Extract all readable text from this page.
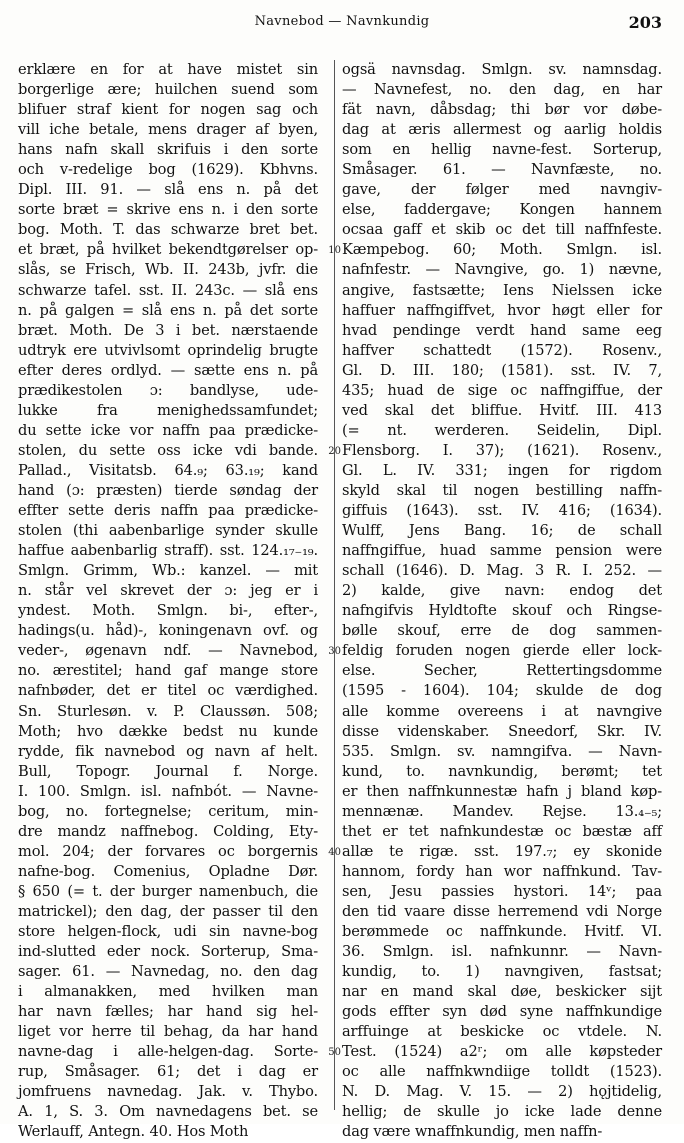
Navnebod — Navnkundig	203
erklære en for at have mistet sin
borgerlige ære; huilchen suend som
blifuer straf kient for nogen sag och
vill iche betale, mens drager af byen,
hans nafn skall skrifuis i den sorte
och v-redelige bog (1629). Kbhvns.
Dipl. III. 91. — slå ens n. på det
sorte bræt = skrive ens n. i den sorte
bog. Moth. T. das schwarze bret bet.
et bræt, på hvilket bekendtgørelser op-
slås, se Frisch, Wb. II. 243b, jvfr. die
schwarze tafel. sst. II. 243c. — slå ens
n. på galgen = slå ens n. på det sorte
bræt. Moth. De 3 i bet. nærstaende
udtryk ere utvivlsomt oprindelig brugte
efter deres ordlyd. — sætte ens n. på
prædikestolen ɔ: bandlyse, ude-
lukke fra menighedssamfundet;
du sette icke vor naffn paa prædicke-
stolen, du sette oss icke vdi bande.
Pallad., Visitatsb. 64.₉; 63.₁₉; kand
hand (ɔ: præsten) tierde søndag der
effter sette deris naffn paa prædicke-
stolen (thi aabenbarlige synder skulle
haffue aabenbarlig straff). sst. 124.₁₇₋₁₉.
Smlgn. Grimm, Wb.: kanzel. — mit
n. står vel skrevet der ɔ: jeg er i
yndest. Moth. Smlgn. bi-, efter-,
hadings(u. håd)-, koningenavn ovf. og
veder-, øgenavn ndf. — Navnebod,
no. ærestitel; hand gaf mange store
nafnbøder, det er titel oc værdighed.
Sn. Sturlesøn. v. P. Claussøn. 508;
Moth; hvo dække bedst nu kunde
rydde, fik navnebod og navn af helt.
Bull, Topogr. Journal f. Norge.
I. 100. Smlgn. isl. nafnbót. — Navne-
bog, no. fortegnelse; ceritum, min-
dre mandz naffnebog. Colding, Ety-
mol. 204; der forvares oc borgernis
nafne-bog. Comenius, Opladne Dør.
§ 650 (= t. der burger namenbuch, die
matrickel); den dag, der passer til den
store helgen-flock, udi sin navne-bog
ind-slutted eder nock. Sorterup, Sma-
sager. 61. — Navnedag, no. den dag
i almanakken, med hvilken man
har navn fælles; har hand sig hel-
liget vor herre til behag, da har hand
navne-dag i alle-helgen-dag. Sorte-
rup, Småsager. 61; det i dag er
jomfruens navnedag. Jak. v. Thybo.
A. 1, S. 3. Om navnedagens bet. se
Werlauff, Antegn. 40. Hos Moth
10
20
30
40
50
ogsä navnsdag. Smlgn. sv. namnsdag.
— Navnefest, no. den dag, en har
fät navn, dåbsdag; thi bør vor døbe-
dag at æris allermest og aarlig holdis
som en hellig navne-fest. Sorterup,
Småsager. 61. — Navnfæste, no.
gave, der følger med navngiv-
else, faddergave; Kongen hannem
ocsaa gaff et skib oc det till naffnfeste.
Kæmpebog. 60; Moth. Smlgn. isl.
nafnfestr. — Navngive, go. 1) nævne,
angive, fastsætte; Iens Nielssen icke
haffuer naffngiffvet, hvor høgt eller for
hvad pendinge verdt hand same eeg
haffver schattedt (1572). Rosenv.,
Gl. D. III. 180; (1581). sst. IV. 7,
435; huad de sige oc naffngiffue, der
ved skal det bliffue. Hvitf. III. 413
(= nt. werderen. Seidelin, Dipl.
Flensborg. I. 37); (1621). Rosenv.,
Gl. L. IV. 331; ingen for rigdom
skyld skal til nogen bestilling naffn-
giffuis (1643). sst. IV. 416; (1634).
Wulff, Jens Bang. 16; de schall
naffngiffue, huad samme pension were
schall (1646). D. Mag. 3 R. I. 252. —
2) kalde, give navn: endog det
nafngifvis Hyldtofte skouf och Ringse-
bølle skouf, erre de dog sammen-
feldig foruden nogen gierde eller lock-
else. Secher, Rettertingsdomme
(1595 - 1604). 104; skulde de dog
alle komme overeens i at navngive
disse videnskaber. Sneedorf, Skr. IV.
535. Smlgn. sv. namngifva. — Navn-
kund, to. navnkundig, berømt; tet
er then naffnkunnestæ hafn j bland køp-
mennænæ. Mandev. Rejse. 13.₄₋₅;
thet er tet nafnkundestæ oc bæstæ aff
allæ te rigæ. sst. 197.₇; ey skonide
hannom, fordy han wor naffnkund. Tav-
sen, Jesu passies hystori. 14ᵛ; paa
den tid vaare disse herremend vdi Norge
berømmede oc naffnkunde. Hvitf. VI.
36. Smlgn. isl. nafnkunnr. — Navn-
kundig, to. 1) navngiven, fastsat;
nar en mand skal døe, beskicker sijt
gods effter syn død syne naffnkundige
arffuinge at beskicke oc vtdele. N.
Test. (1524) a2ʳ; om alle køpsteder
oc alle naffnkwndiige tolldt (1523).
N. D. Mag. V. 15. — 2) hǫjtidelig,
hellig; de skulle jo icke lade denne
dag være wnaffnkundig, men naffn-
